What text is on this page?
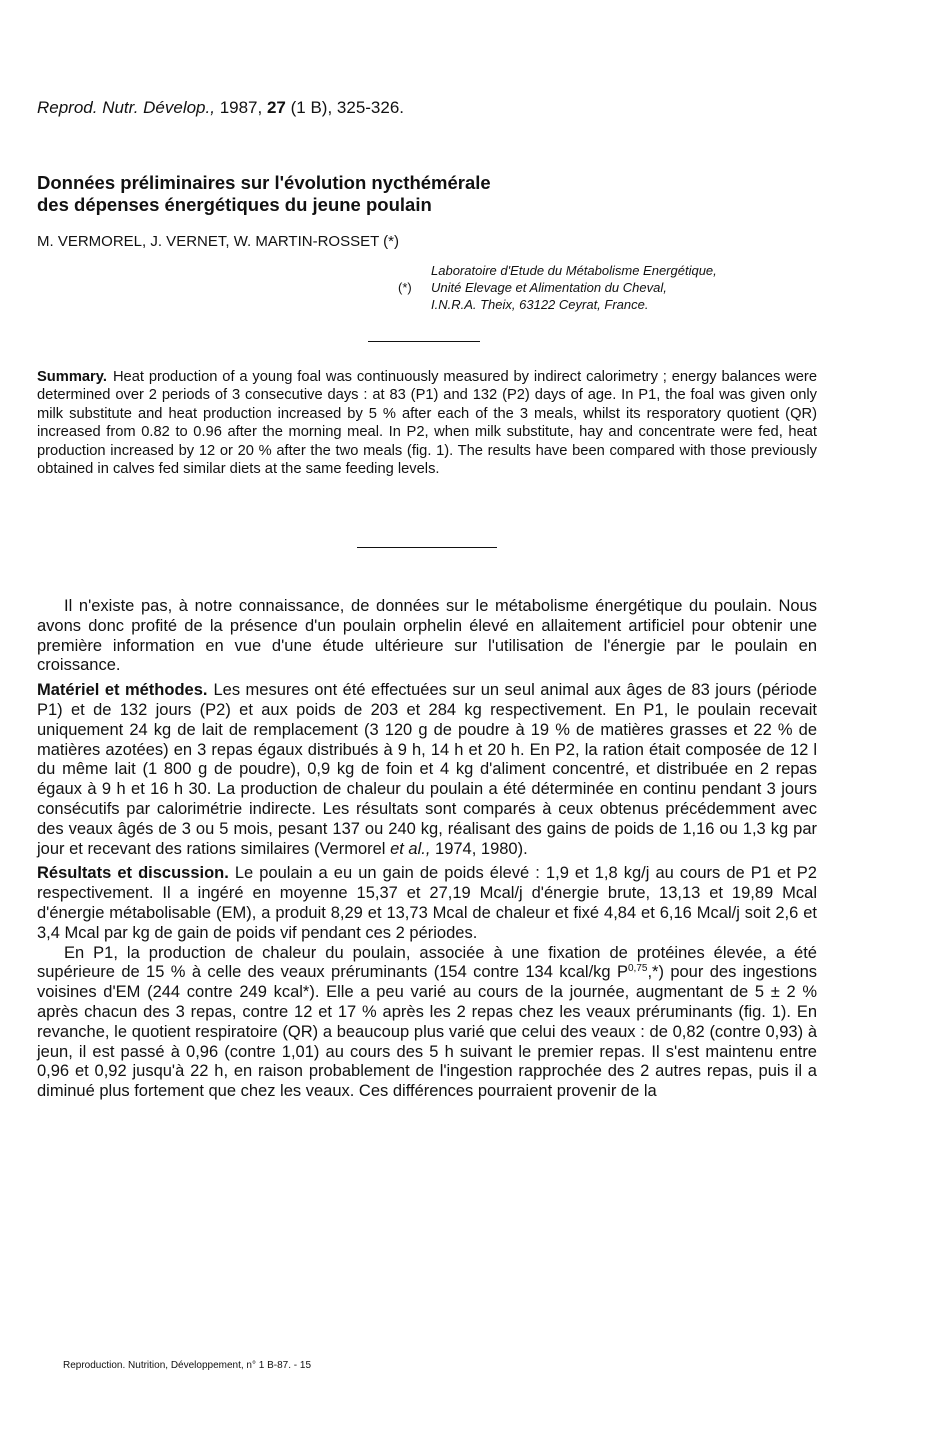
Reprod. Nutr. Dévelop., 1987, 27 (1 B), 325-326.
Données préliminaires sur l'évolution nycthémérale
des dépenses énergétiques du jeune poulain
M. VERMOREL, J. VERNET, W. MARTIN-ROSSET (*)
Laboratoire d'Etude du Métabolisme Energétique,
(*) Unité Elevage et Alimentation du Cheval,
I.N.R.A. Theix, 63122 Ceyrat, France.

Summary. Heat production of a young foal was continuously measured by indirect calorimetry ; energy balances were determined over 2 periods of 3 consecutive days : at 83 (P1) and 132 (P2) days of age. In P1, the foal was given only milk substitute and heat production increased by 5 % after each of the 3 meals, whilst its resporatory quotient (QR) increased from 0.82 to 0.96 after the morning meal. In P2, when milk substitute, hay and concentrate were fed, heat production increased by 12 or 20 % after the two meals (fig. 1). The results have been compared with those previously obtained in calves fed similar diets at the same feeding levels.

Il n'existe pas, à notre connaissance, de données sur le métabolisme énergétique du poulain. Nous avons donc profité de la présence d'un poulain orphelin élevé en allaitement artificiel pour obtenir une première information en vue d'une étude ultérieure sur l'utilisation de l'énergie par le poulain en croissance.

Matériel et méthodes. Les mesures ont été effectuées sur un seul animal aux âges de 83 jours (période P1) et de 132 jours (P2) et aux poids de 203 et 284 kg respectivement. En P1, le poulain recevait uniquement 24 kg de lait de remplacement (3 120 g de poudre à 19 % de matières grasses et 22 % de matières azotées) en 3 repas égaux distribués à 9 h, 14 h et 20 h. En P2, la ration était composée de 12 l du même lait (1 800 g de poudre), 0,9 kg de foin et 4 kg d'aliment concentré, et distribuée en 2 repas égaux à 9 h et 16 h 30. La production de chaleur du poulain a été déterminée en continu pendant 3 jours consécutifs par calorimétrie indirecte. Les résultats sont comparés à ceux obtenus précédemment avec des veaux âgés de 3 ou 5 mois, pesant 137 ou 240 kg, réalisant des gains de poids de 1,16 ou 1,3 kg par jour et recevant des rations similaires (Vermorel et al., 1974, 1980).

Résultats et discussion. Le poulain a eu un gain de poids élevé : 1,9 et 1,8 kg/j au cours de P1 et P2 respectivement. Il a ingéré en moyenne 15,37 et 27,19 Mcal/j d'énergie brute, 13,13 et 19,89 Mcal d'énergie métabolisable (EM), a produit 8,29 et 13,73 Mcal de chaleur et fixé 4,84 et 6,16 Mcal/j soit 2,6 et 3,4 Mcal par kg de gain de poids vif pendant ces 2 périodes.

En P1, la production de chaleur du poulain, associée à une fixation de protéines élevée, a été supérieure de 15 % à celle des veaux préruminants (154 contre 134 kcal/kg P$^{0,75}$,*) pour des ingestions voisines d'EM (244 contre 249 kcal*). Elle a peu varié au cours de la journée, augmentant de 5 ± 2 % après chacun des 3 repas, contre 12 et 17 % après les 2 repas chez les veaux préruminants (fig. 1). En revanche, le quotient respiratoire (QR) a beaucoup plus varié que celui des veaux : de 0,82 (contre 0,93) à jeun, il est passé à 0,96 (contre 1,01) au cours des 5 h suivant le premier repas. Il s'est maintenu entre 0,96 et 0,92 jusqu'à 22 h, en raison probablement de l'ingestion rapprochée des 2 autres repas, puis il a diminué plus fortement que chez les veaux. Ces différences pourraient provenir de la

Reproduction. Nutrition, Développement, n° 1 B-87. - 15
